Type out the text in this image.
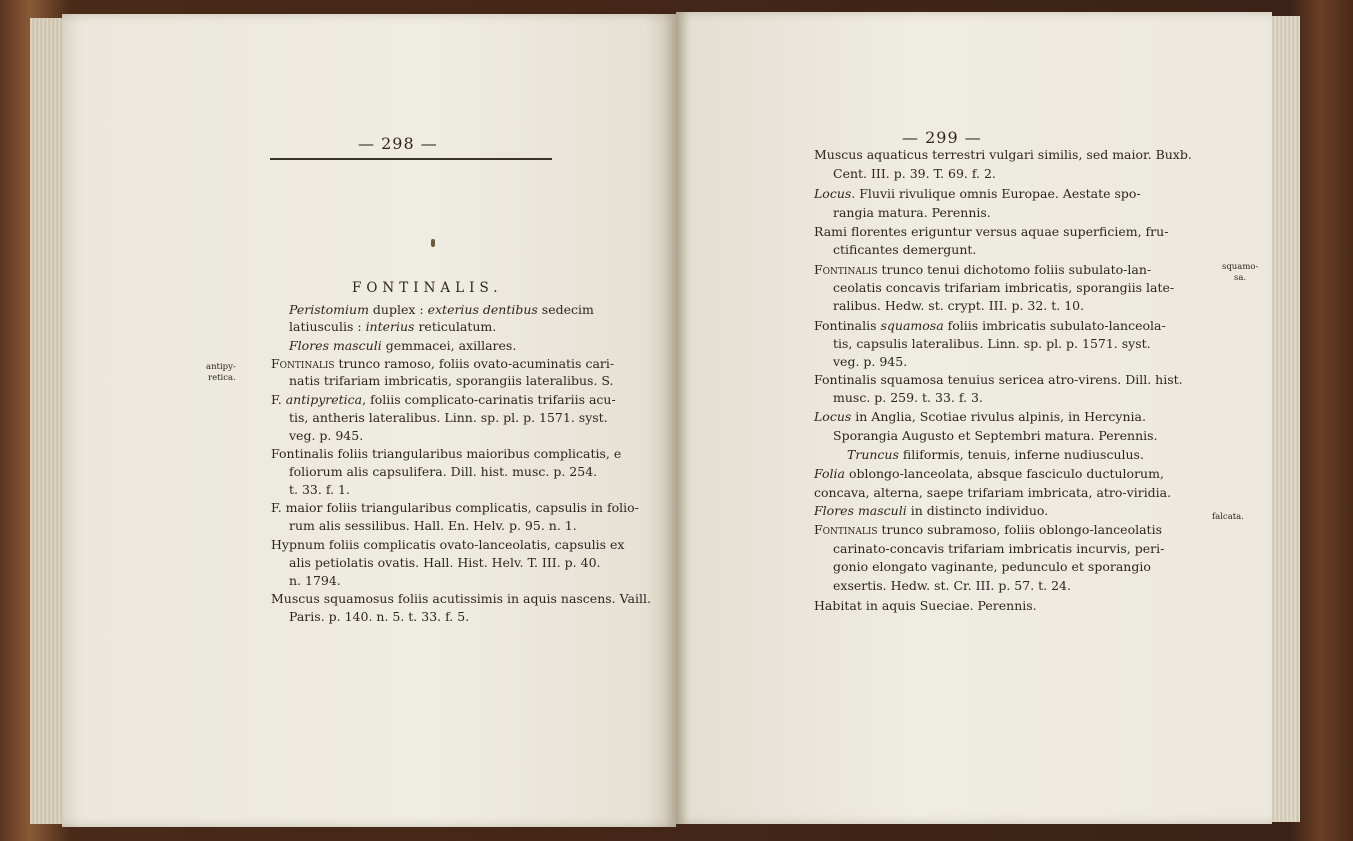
— 298 —
FONTINALIS.
antipy-
retica.
Peristomium duplex : exterius dentibus sedecim
latiusculis : interius reticulatum.
Flores masculi gemmacei, axillares.
Fontinalis trunco ramoso, foliis ovato-acuminatis cari-
natis trifariam imbricatis, sporangiis lateralibus. S.
F. antipyretica, foliis complicato-carinatis trifariis acu-
tis, antheris lateralibus. Linn. sp. pl. p. 1571. syst.
veg. p. 945.
Fontinalis foliis triangularibus maioribus complicatis, e
foliorum alis capsulifera. Dill. hist. musc. p. 254.
t. 33. f. 1.
F. maior foliis triangularibus complicatis, capsulis in folio-
rum alis sessilibus. Hall. En. Helv. p. 95. n. 1.
Hypnum foliis complicatis ovato-lanceolatis, capsulis ex
alis petiolatis ovatis. Hall. Hist. Helv. T. III. p. 40.
n. 1794.
Muscus squamosus foliis acutissimis in aquis nascens. Vaill.
Paris. p. 140. n. 5. t. 33. f. 5.
— 299 —
squamo-
sa.
falcata.
Muscus aquaticus terrestri vulgari similis, sed maior. Buxb.
Cent. III. p. 39. T. 69. f. 2.
Locus. Fluvii rivulique omnis Europae. Aestate spo-
rangia matura. Perennis.
Rami florentes eriguntur versus aquae superficiem, fru-
ctificantes demergunt.
Fontinalis trunco tenui dichotomo foliis subulato-lan-
ceolatis concavis trifariam imbricatis, sporangiis late-
ralibus. Hedw. st. crypt. III. p. 32. t. 10.
Fontinalis squamosa foliis imbricatis subulato-lanceola-
tis, capsulis lateralibus. Linn. sp. pl. p. 1571. syst.
veg. p. 945.
Fontinalis squamosa tenuius sericea atro-virens. Dill. hist.
musc. p. 259. t. 33. f. 3.
Locus in Anglia, Scotiae rivulus alpinis, in Hercynia.
Sporangia Augusto et Septembri matura. Perennis.
Truncus filiformis, tenuis, inferne nudiusculus.
Folia oblongo-lanceolata, absque fasciculo ductulorum,
concava, alterna, saepe trifariam imbricata, atro-viridia.
Flores masculi in distincto individuo.
Fontinalis trunco subramoso, foliis oblongo-lanceolatis
carinato-concavis trifariam imbricatis incurvis, peri-
gonio elongato vaginante, pedunculo et sporangio
exsertis. Hedw. st. Cr. III. p. 57. t. 24.
Habitat in aquis Sueciae. Perennis.
